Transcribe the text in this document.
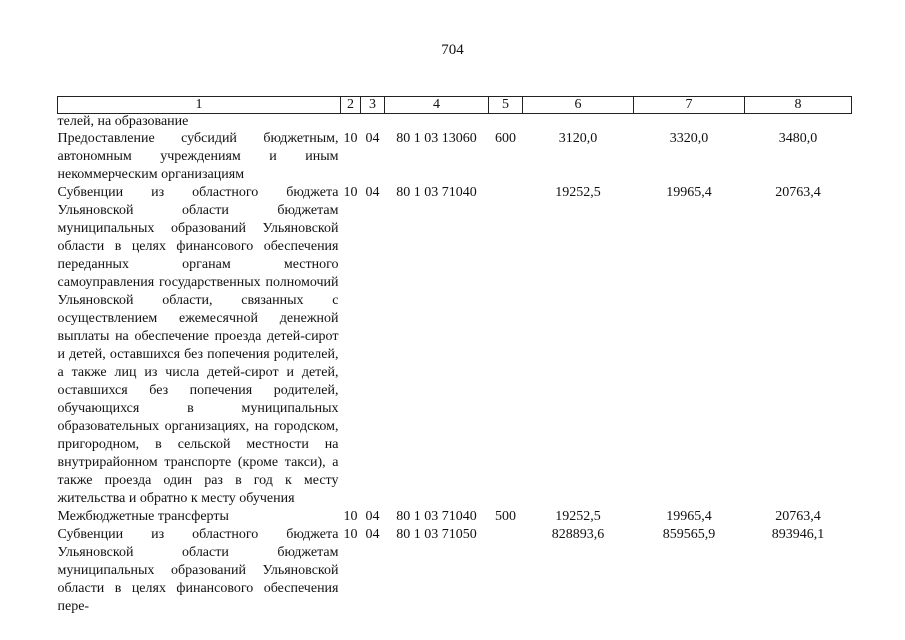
704
1	2	3	4	5	6	7	8
телей, на образование							
Предоставление субсидий бюджетным, автономным учреждениям и иным некоммерческим организациям	10	04	80 1 03 13060	600	3120,0	3320,0	3480,0
Субвенции из областного бюджета Ульяновской области бюджетам муниципальных образований Ульяновской области в целях финансового обеспечения переданных органам местного самоуправления государственных полномочий Ульяновской области, связанных с осуществлением ежемесячной денежной выплаты на обеспечение проезда детей-сирот и детей, оставшихся без попечения родителей, а также лиц из числа детей-сирот и детей, оставшихся без попечения родителей, обучающихся в муниципальных образовательных организациях, на городском, пригородном, в сельской местности на внутрирайонном транспорте (кроме такси), а также проезда один раз в год к месту жительства и обратно к месту обучения	10	04	80 1 03 71040		19252,5	19965,4	20763,4
Межбюджетные трансферты	10	04	80 1 03 71040	500	19252,5	19965,4	20763,4
Субвенции из областного бюджета Ульяновской области бюджетам муниципальных образований Ульяновской области в целях финансового обеспечения пере-	10	04	80 1 03 71050		828893,6	859565,9	893946,1
